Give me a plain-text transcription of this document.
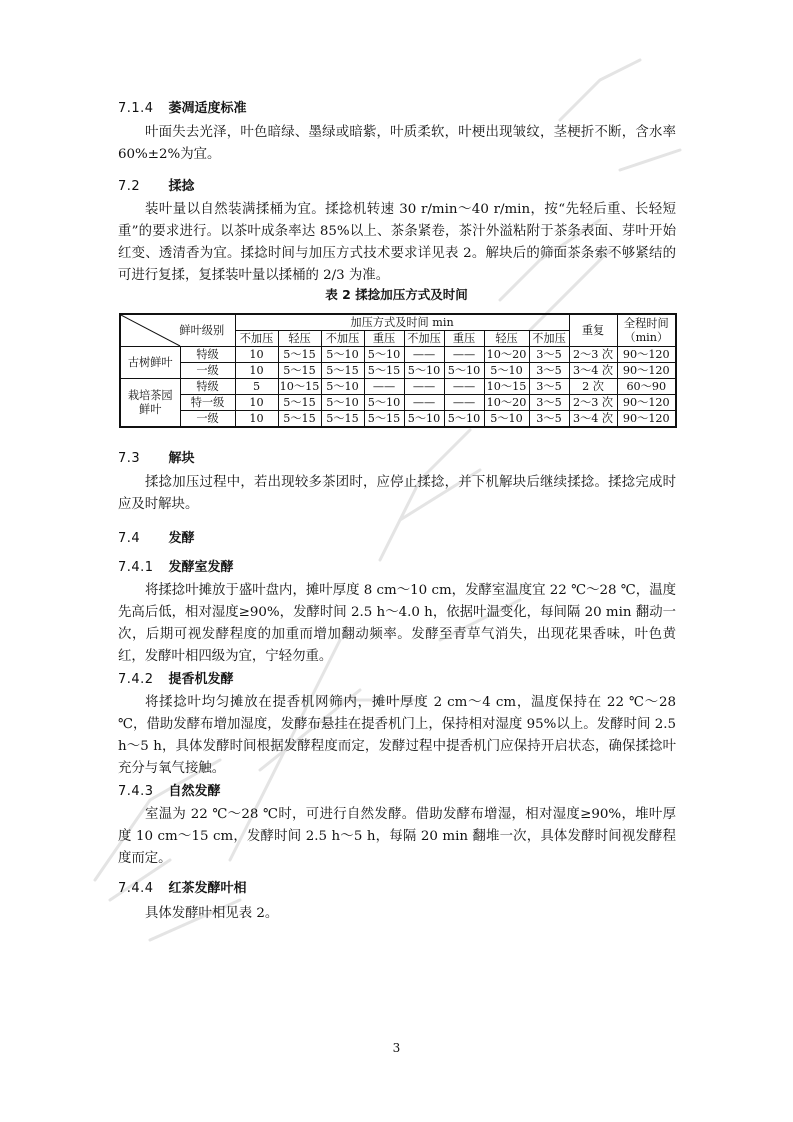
7.1.4 萎凋适度标准

叶面失去光泽，叶色暗绿、墨绿或暗紫，叶质柔软，叶梗出现皱纹，茎梗折不断，含水率 60%±2%为宜。

7.2 揉捻

装叶量以自然装满揉桶为宜。揉捻机转速 30 r/min～40 r/min，按“先轻后重、长轻短重”的要求进行。以茶叶成条率达 85%以上、茶条紧卷，茶汁外溢粘附于茶条表面、芽叶开始红变、透清香为宜。揉捻时间与加压方式技术要求详见表 2。解块后的筛面茶条索不够紧结的可进行复揉，复揉装叶量以揉桶的 2/3 为准。

表 2 揉捻加压方式及时间
鲜叶级别		加压方式及时间 min								重复	全程时间
（min）

		不加压	轻压	不加压	重压	不加压	重压	轻压	不加压		
古树鲜叶	特级	10	5～15	5～10	5～10	——	——	10～20	3～5	2～3 次	90～120
	一级	10	5～15	5～15	5～15	5～10	5～10	5～10	3～5	3～4 次	90～120

栽培茶园
鲜叶	特级	5	10～15	5～10	——	——	——	10～15	3～5	2 次	60～90
	特一级	10	5～15	5～10	5～10	——	——	10～20	3～5	2～3 次	90～120
	一级	10	5～15	5～15	5～15	5～10	5～10	5～10	3～5	3～4 次	90～120
7.3 解块

揉捻加压过程中，若出现较多茶团时，应停止揉捻，并下机解块后继续揉捻。揉捻完成时应及时解块。

7.4 发酵
7.4.1 发酵室发酵

将揉捻叶摊放于盛叶盘内，摊叶厚度 8 cm～10 cm，发酵室温度宜 22 ℃～28 ℃，温度先高后低，相对湿度≥90%，发酵时间 2.5 h～4.0 h，依据叶温变化，每间隔 20 min 翻动一次，后期可视发酵程度的加重而增加翻动频率。发酵至青草气消失，出现花果香味，叶色黄红，发酵叶相四级为宜，宁轻勿重。

7.4.2 提香机发酵

将揉捻叶均匀摊放在提香机网筛内，摊叶厚度 2 cm～4 cm，温度保持在 22 ℃～28 ℃，借助发酵布增加湿度，发酵布悬挂在提香机门上，保持相对湿度 95%以上。发酵时间 2.5 h～5 h，具体发酵时间根据发酵程度而定，发酵过程中提香机门应保持开启状态，确保揉捻叶充分与氧气接触。

7.4.3 自然发酵

室温为 22 ℃～28 ℃时，可进行自然发酵。借助发酵布增湿，相对湿度≥90%，堆叶厚度 10 cm～15 cm，发酵时间 2.5 h～5 h，每隔 20 min 翻堆一次，具体发酵时间视发酵程度而定。

7.4.4 红茶发酵叶相

具体发酵叶相见表 2。

3
